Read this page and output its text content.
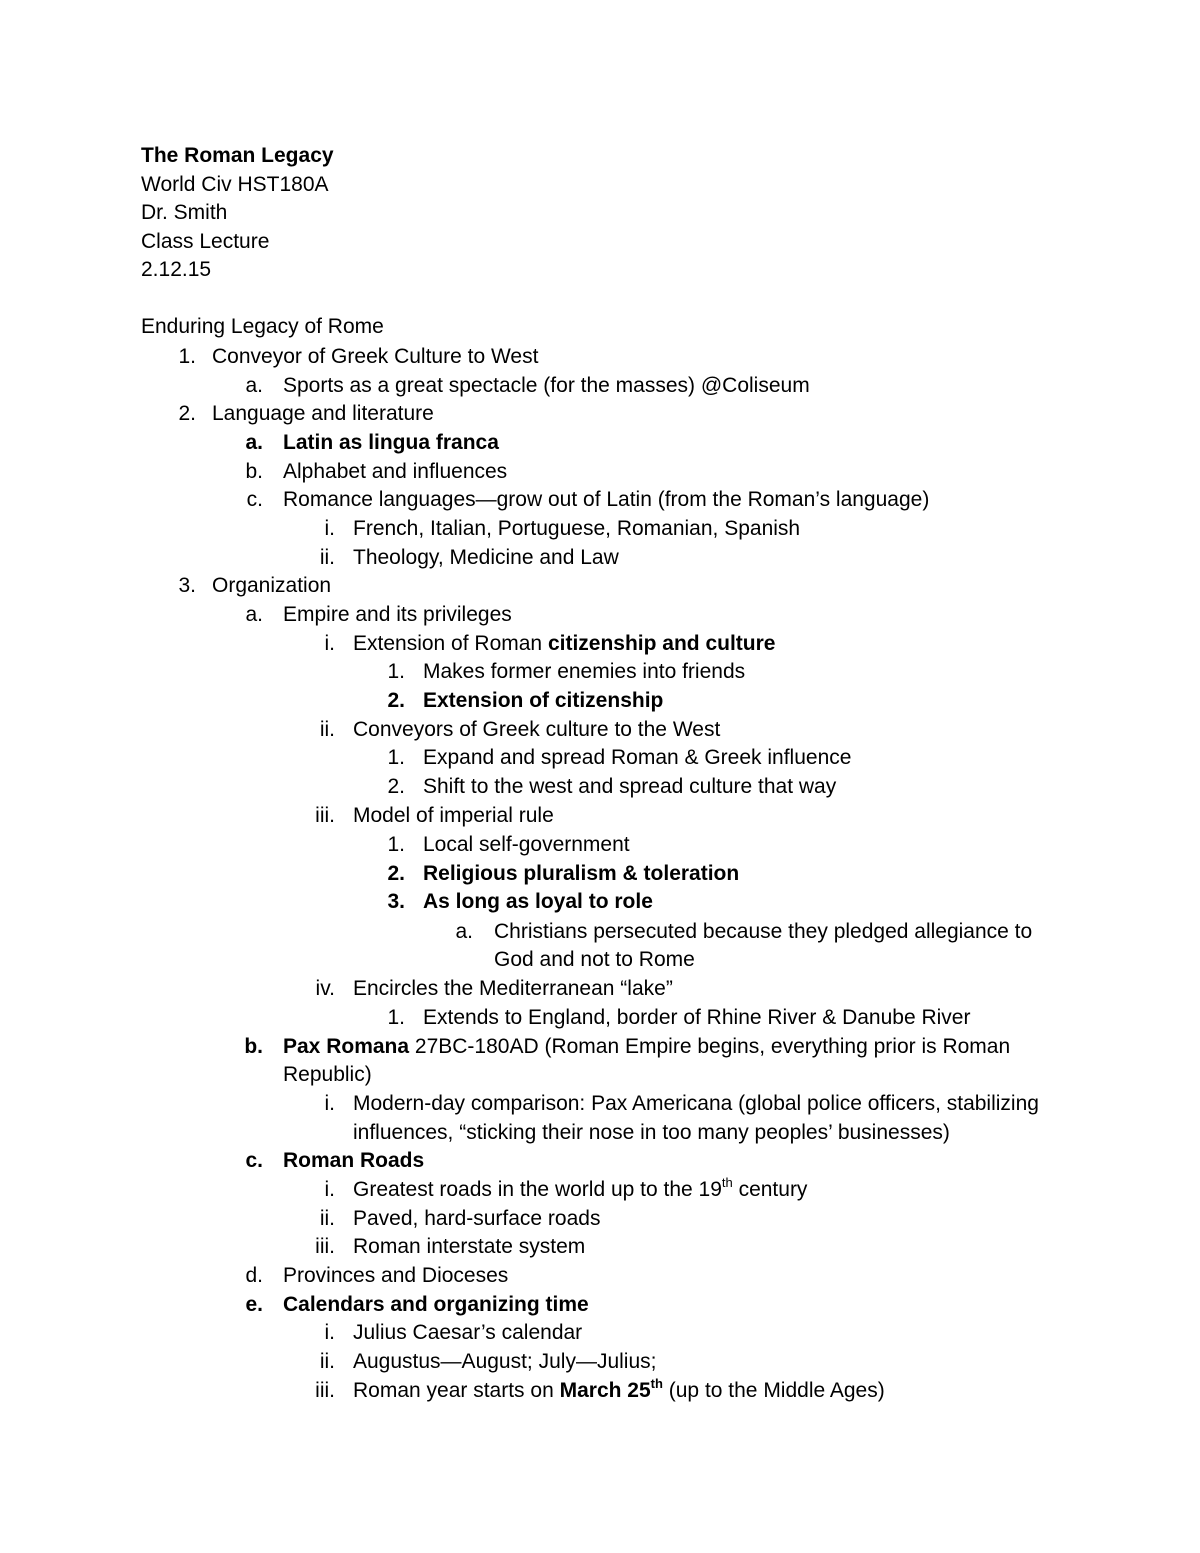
The Roman Legacy
World Civ HST180A
Dr. Smith
Class Lecture
2.12.15
Enduring Legacy of Rome
1. Conveyor of Greek Culture to West
a. Sports as a great spectacle (for the masses) @Coliseum
2. Language and literature
a. Latin as lingua franca
b. Alphabet and influences
c. Romance languages—grow out of Latin (from the Roman’s language)
i. French, Italian, Portuguese, Romanian, Spanish
ii. Theology, Medicine and Law
3. Organization
a. Empire and its privileges
i. Extension of Roman citizenship and culture
1. Makes former enemies into friends
2. Extension of citizenship
ii. Conveyors of Greek culture to the West
1. Expand and spread Roman & Greek influence
2. Shift to the west and spread culture that way
iii. Model of imperial rule
1. Local self-government
2. Religious pluralism & toleration
3. As long as loyal to role
a. Christians persecuted because they pledged allegiance to
God and not to Rome
iv. Encircles the Mediterranean “lake”
1. Extends to England, border of Rhine River & Danube River
b. Pax Romana 27BC-180AD (Roman Empire begins, everything prior is Roman
Republic)
i. Modern-day comparison: Pax Americana (global police officers, stabilizing
influences, “sticking their nose in too many peoples’ businesses)
c. Roman Roads
i. Greatest roads in the world up to the 19th century
ii. Paved, hard-surface roads
iii. Roman interstate system
d. Provinces and Dioceses
e. Calendars and organizing time
i. Julius Caesar’s calendar
ii. Augustus—August; July—Julius;
iii. Roman year starts on March 25th (up to the Middle Ages)
